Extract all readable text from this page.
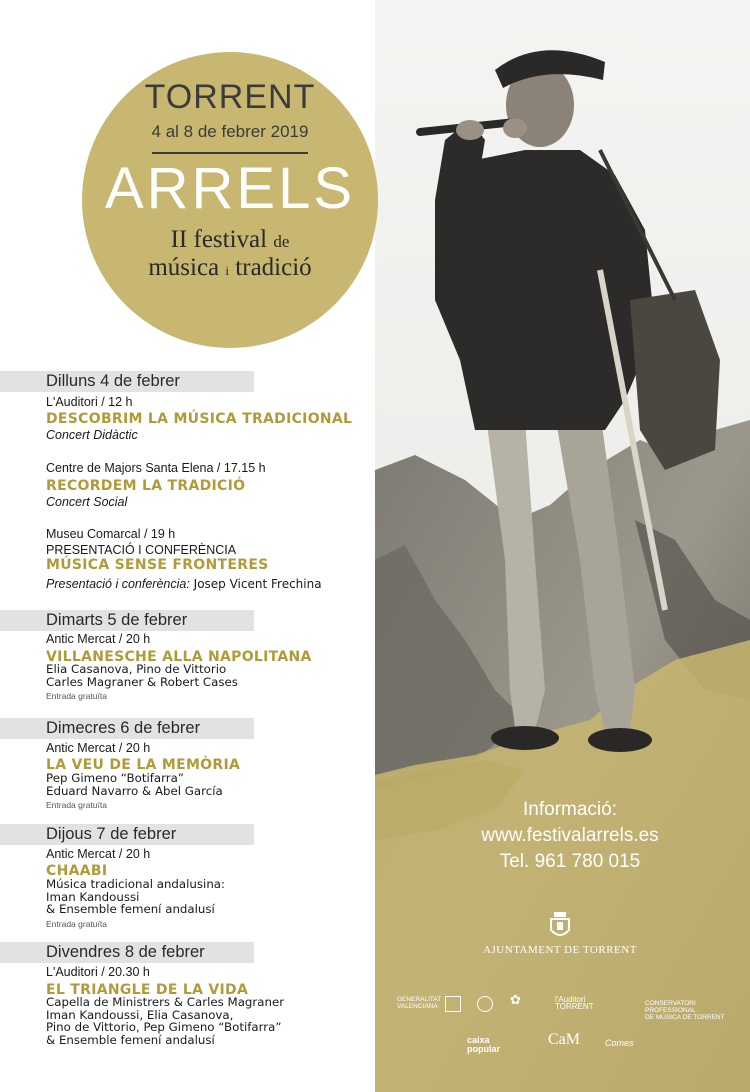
TORRENT
4 al 8 de febrer 2019
ARRELS
II festival de
música i tradició
Dilluns 4 de febrer
L'Auditori / 12 h
DESCOBRIM LA MÚSICA TRADICIONAL
Concert Didàctic
Centre de Majors Santa Elena / 17.15 h
RECORDEM LA TRADICIÓ
Concert Social
Museu Comarcal / 19 h
PRESENTACIÓ I CONFERÈNCIA
MÚSICA SENSE FRONTERES
Presentació i conferència: Josep Vicent Frechina
Dimarts 5 de febrer
Antic Mercat / 20 h
VILLANESCHE ALLA NAPOLITANA
Elia Casanova, Pino de Vittorio
Carles Magraner & Robert Cases
Entrada gratuïta
Dimecres 6 de febrer
Antic Mercat / 20 h
LA VEU DE LA MEMÒRIA
Pep Gimeno “Botifarra”
Eduard Navarro & Abel García
Entrada gratuïta
Dijous 7 de febrer
Antic Mercat / 20 h
CHAABI
Música tradicional andalusina:
Iman Kandoussi
& Ensemble femení andalusí
Entrada gratuïta
Divendres 8 de febrer
L'Auditori / 20.30 h
EL TRIANGLE DE LA VIDA
Capella de Ministrers & Carles Magraner
Iman Kandoussi, Elia Casanova,
Pino de Vittorio, Pep Gimeno “Botifarra”
& Ensemble femení andalusí
Informació:
www.festivalarrels.es
Tel. 961 780 015
AJUNTAMENT DE TORRENT
GENERALITAT
VALENCIANA	✿	l'Auditori
TORRENT	CONSERVATORI PROFESSIONAL
DE MÚSICA DE TORRENT
caixa
popular
CaM	Comes
